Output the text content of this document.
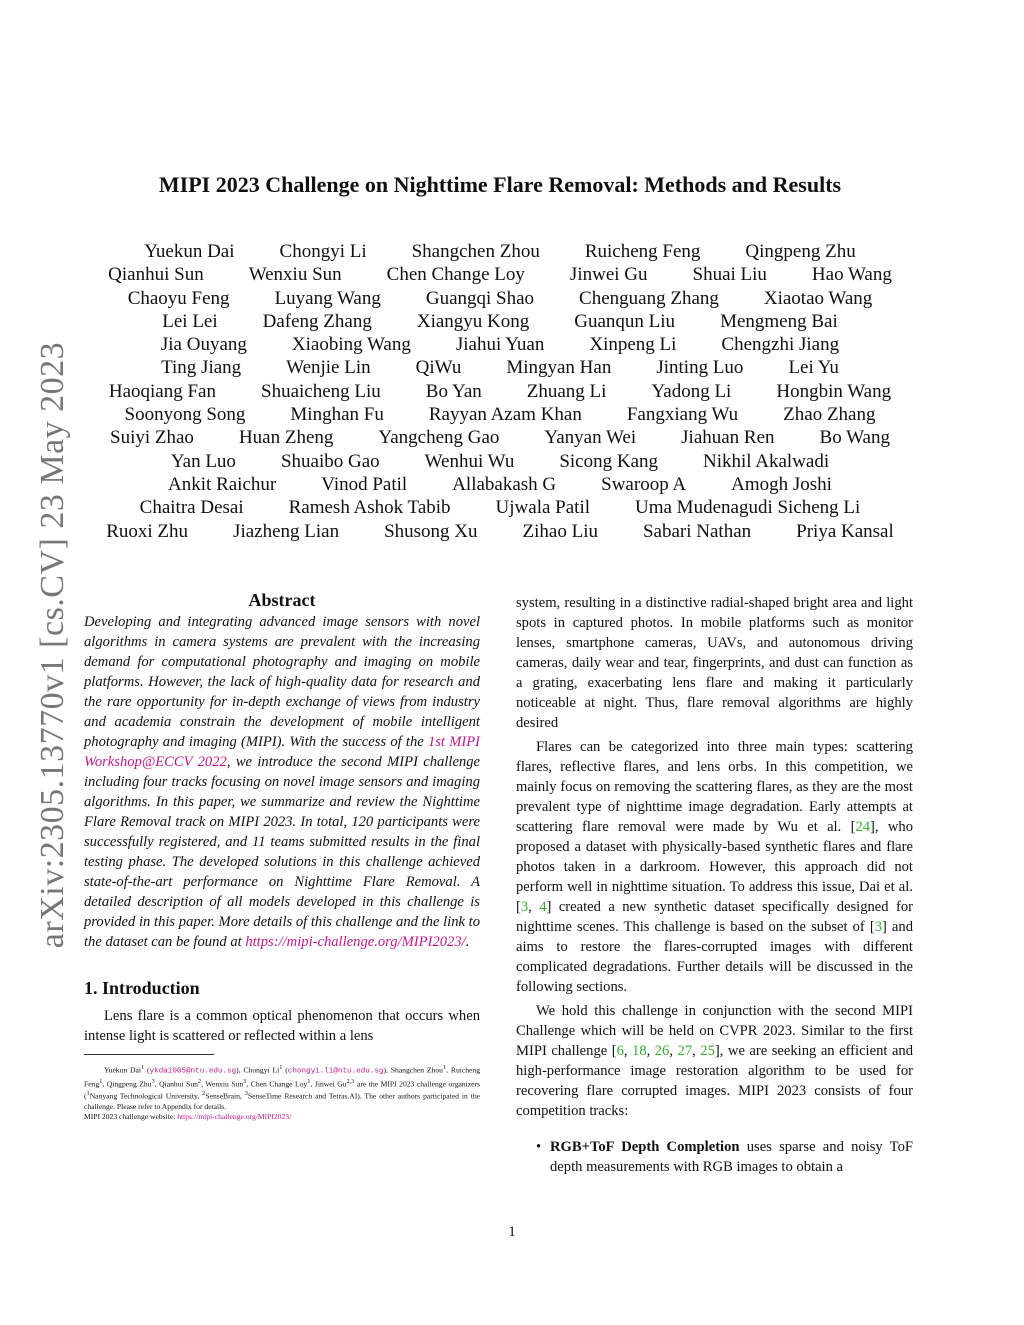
arXiv:2305.13770v1 [cs.CV] 23 May 2023
MIPI 2023 Challenge on Nighttime Flare Removal: Methods and Results
Yuekun Dai Chongyi Li Shangchen Zhou Ruicheng Feng Qingpeng Zhu
Qianhui Sun Wenxiu Sun Chen Change Loy Jinwei Gu Shuai Liu Hao Wang
Chaoyu Feng Luyang Wang Guangqi Shao Chenguang Zhang Xiaotao Wang
Lei Lei Dafeng Zhang Xiangyu Kong Guanqun Liu Mengmeng Bai
Jia Ouyang Xiaobing Wang Jiahui Yuan Xinpeng Li Chengzhi Jiang
Ting Jiang Wenjie Lin QiWu Mingyan Han Jinting Luo Lei Yu
Haoqiang Fan Shuaicheng Liu Bo Yan Zhuang Li Yadong Li Hongbin Wang
Soonyong Song Minghan Fu Rayyan Azam Khan Fangxiang Wu Zhao Zhang
Suiyi Zhao Huan Zheng Yangcheng Gao Yanyan Wei Jiahuan Ren Bo Wang
Yan Luo Shuaibo Gao Wenhui Wu Sicong Kang Nikhil Akalwadi
Ankit Raichur Vinod Patil Allabakash G Swaroop A Amogh Joshi
Chaitra Desai Ramesh Ashok Tabib Ujwala Patil Uma Mudenagudi Sicheng Li
Ruoxi Zhu Jiazheng Lian Shusong Xu Zihao Liu Sabari Nathan Priya Kansal
Abstract

Developing and integrating advanced image sensors with novel algorithms in camera systems are prevalent with the increasing demand for computational photography and imaging on mobile platforms. However, the lack of high-quality data for research and the rare opportunity for in-depth exchange of views from industry and academia constrain the development of mobile intelligent photography and imaging (MIPI). With the success of the 1st MIPI Workshop@ECCV 2022, we introduce the second MIPI challenge including four tracks focusing on novel image sensors and imaging algorithms. In this paper, we summarize and review the Nighttime Flare Removal track on MIPI 2023. In total, 120 participants were successfully registered, and 11 teams submitted results in the final testing phase. The developed solutions in this challenge achieved state-of-the-art performance on Nighttime Flare Removal. A detailed description of all models developed in this challenge is provided in this paper. More details of this challenge and the link to the dataset can be found at https://mipi-challenge.org/MIPI2023/.

1. Introduction

Lens flare is a common optical phenomenon that occurs when intense light is scattered or reflected within a lens

Yuekun Dai$^1$ (ykdai005@ntu.edu.sg), Chongyi Li$^1$ (chongyi.li@ntu.edu.sg), Shangchen Zhou$^1$, Ruicheng Feng$^1$, Qingpeng Zhu$^3$, Qianhui Sun$^2$, Wenxiu Sun$^3$, Chen Change Loy$^1$, Jinwei Gu$^{2,3}$ are the MIPI 2023 challenge organizers ($^1$Nanyang Technological University, $^2$SenseBrain, $^3$SenseTime Research and Tetras.AI). The other authors participated in the challenge. Please refer to Appendix for details.
MIPI 2023 challenge website: https://mipi-challenge.org/MIPI2023/

system, resulting in a distinctive radial-shaped bright area and light spots in captured photos. In mobile platforms such as monitor lenses, smartphone cameras, UAVs, and autonomous driving cameras, daily wear and tear, fingerprints, and dust can function as a grating, exacerbating lens flare and making it particularly noticeable at night. Thus, flare removal algorithms are highly desired

Flares can be categorized into three main types: scattering flares, reflective flares, and lens orbs. In this competition, we mainly focus on removing the scattering flares, as they are the most prevalent type of nighttime image degradation. Early attempts at scattering flare removal were made by Wu et al. [24], who proposed a dataset with physically-based synthetic flares and flare photos taken in a darkroom. However, this approach did not perform well in nighttime situation. To address this issue, Dai et al. [3, 4] created a new synthetic dataset specifically designed for nighttime scenes. This challenge is based on the subset of [3] and aims to restore the flares-corrupted images with different complicated degradations. Further details will be discussed in the following sections.

We hold this challenge in conjunction with the second MIPI Challenge which will be held on CVPR 2023. Similar to the first MIPI challenge [6, 18, 26, 27, 25], we are seeking an efficient and high-performance image restoration algorithm to be used for recovering flare corrupted images. MIPI 2023 consists of four competition tracks:

• RGB+ToF Depth Completion uses sparse and noisy ToF depth measurements with RGB images to obtain a

1
